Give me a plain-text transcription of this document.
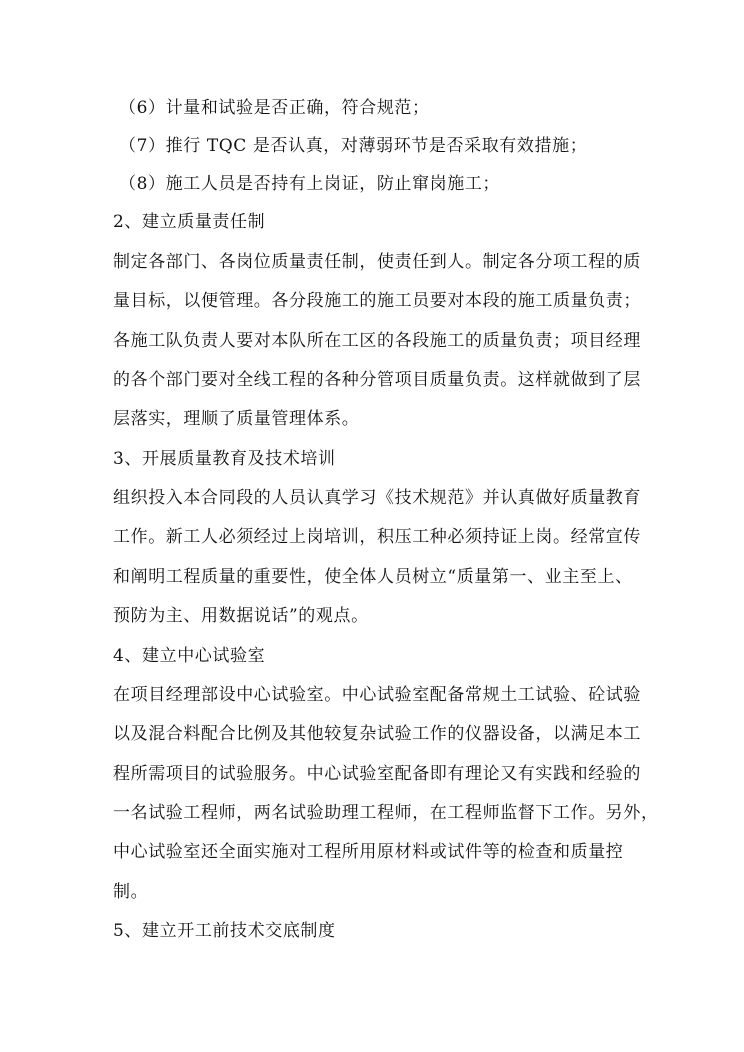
（6）计量和试验是否正确，符合规范；
（7）推行 TQC 是否认真，对薄弱环节是否采取有效措施；
（8）施工人员是否持有上岗证，防止窜岗施工；
2、建立质量责任制
制定各部门、各岗位质量责任制，使责任到人。制定各分项工程的质
量目标，以便管理。各分段施工的施工员要对本段的施工质量负责；
各施工队负责人要对本队所在工区的各段施工的质量负责；项目经理
的各个部门要对全线工程的各种分管项目质量负责。这样就做到了层
层落实，理顺了质量管理体系。
3、开展质量教育及技术培训
组织投入本合同段的人员认真学习《技术规范》并认真做好质量教育
工作。新工人必须经过上岗培训，积压工种必须持证上岗。经常宣传
和阐明工程质量的重要性，使全体人员树立“质量第一、业主至上、
预防为主、用数据说话”的观点。
4、建立中心试验室
在项目经理部设中心试验室。中心试验室配备常规土工试验、砼试验
以及混合料配合比例及其他较复杂试验工作的仪器设备，以满足本工
程所需项目的试验服务。中心试验室配备即有理论又有实践和经验的
一名试验工程师，两名试验助理工程师，在工程师监督下工作。另外，
中心试验室还全面实施对工程所用原材料或试件等的检查和质量控
制。
5、建立开工前技术交底制度
